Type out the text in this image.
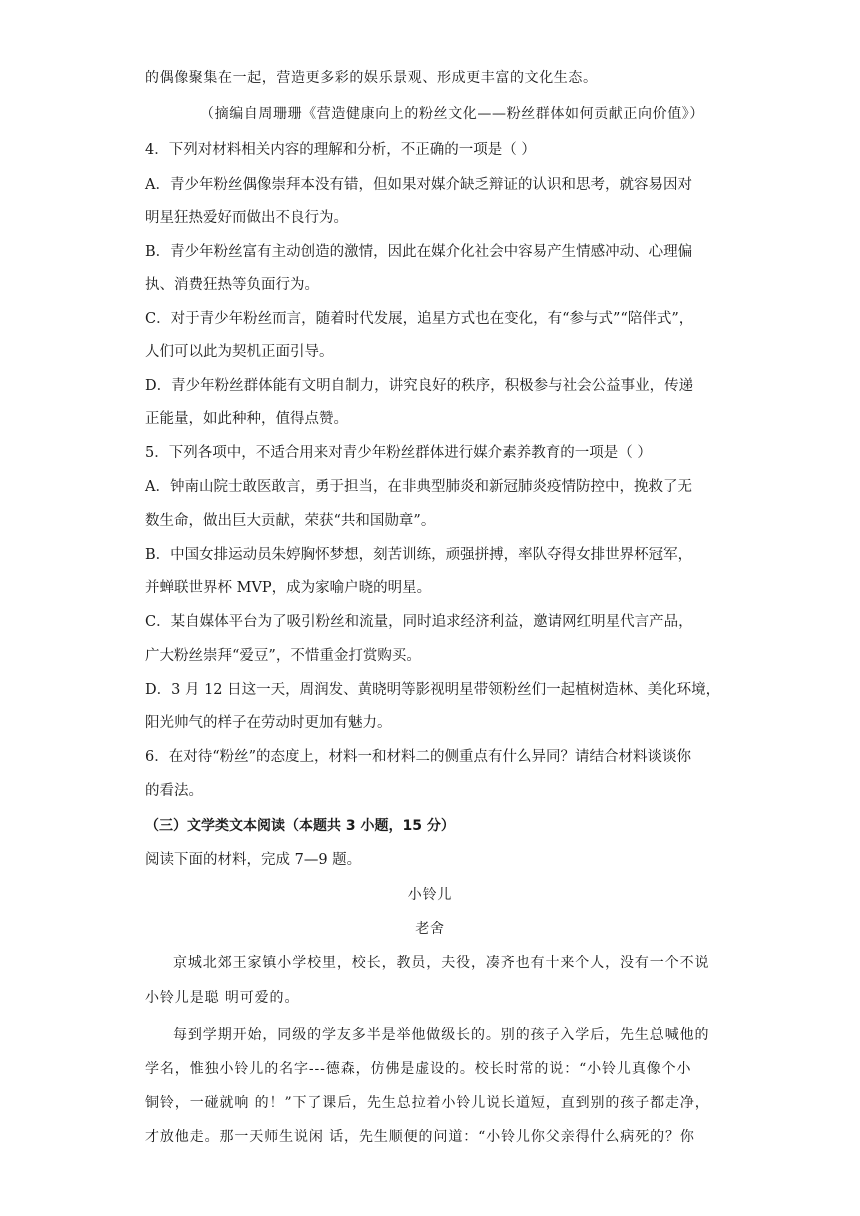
的偶像聚集在一起，营造更多彩的娱乐景观、形成更丰富的文化生态。
（摘编自周珊珊《营造健康向上的粉丝文化——粉丝群体如何贡献正向价值》）
4．下列对材料相关内容的理解和分析，不正确的一项是（ ）
A．青少年粉丝偶像崇拜本没有错，但如果对媒介缺乏辩证的认识和思考，就容易因对
明星狂热爱好而做出不良行为。
B．青少年粉丝富有主动创造的激情，因此在媒介化社会中容易产生情感冲动、心理偏
执、消费狂热等负面行为。
C．对于青少年粉丝而言，随着时代发展，追星方式也在变化，有“参与式”“陪伴式”，
人们可以此为契机正面引导。
D．青少年粉丝群体能有文明自制力，讲究良好的秩序，积极参与社会公益事业，传递
正能量，如此种种，值得点赞。
5．下列各项中，不适合用来对青少年粉丝群体进行媒介素养教育的一项是（ ）
A．钟南山院士敢医敢言，勇于担当，在非典型肺炎和新冠肺炎疫情防控中，挽救了无
数生命，做出巨大贡献，荣获“共和国勋章”。
B．中国女排运动员朱婷胸怀梦想，刻苦训练，顽强拼搏，率队夺得女排世界杯冠军，
并蝉联世界杯 MVP，成为家喻户晓的明星。
C．某自媒体平台为了吸引粉丝和流量，同时追求经济利益，邀请网红明星代言产品，
广大粉丝崇拜“爱豆”，不惜重金打赏购买。
D．3 月 12 日这一天，周润发、黄晓明等影视明星带领粉丝们一起植树造林、美化环境，
阳光帅气的样子在劳动时更加有魅力。
6．在对待“粉丝”的态度上，材料一和材料二的侧重点有什么异同？请结合材料谈谈你
的看法。
（三）文学类文本阅读（本题共 3 小题，15 分）
阅读下面的材料，完成 7—9 题。
小铃儿
老舍
京城北郊王家镇小学校里，校长，教员，夫役，凑齐也有十来个人，没有一个不说
小铃儿是聪 明可爱的。
每到学期开始，同级的学友多半是举他做级长的。别的孩子入学后，先生总喊他的
学名，惟独小铃儿的名字---德森，仿佛是虚设的。校长时常的说：“小铃儿真像个小
铜铃，一碰就响 的！”下了课后，先生总拉着小铃儿说长道短，直到别的孩子都走净，
才放他走。那一天师生说闲 话，先生顺便的问道：“小铃儿你父亲得什么病死的？你
